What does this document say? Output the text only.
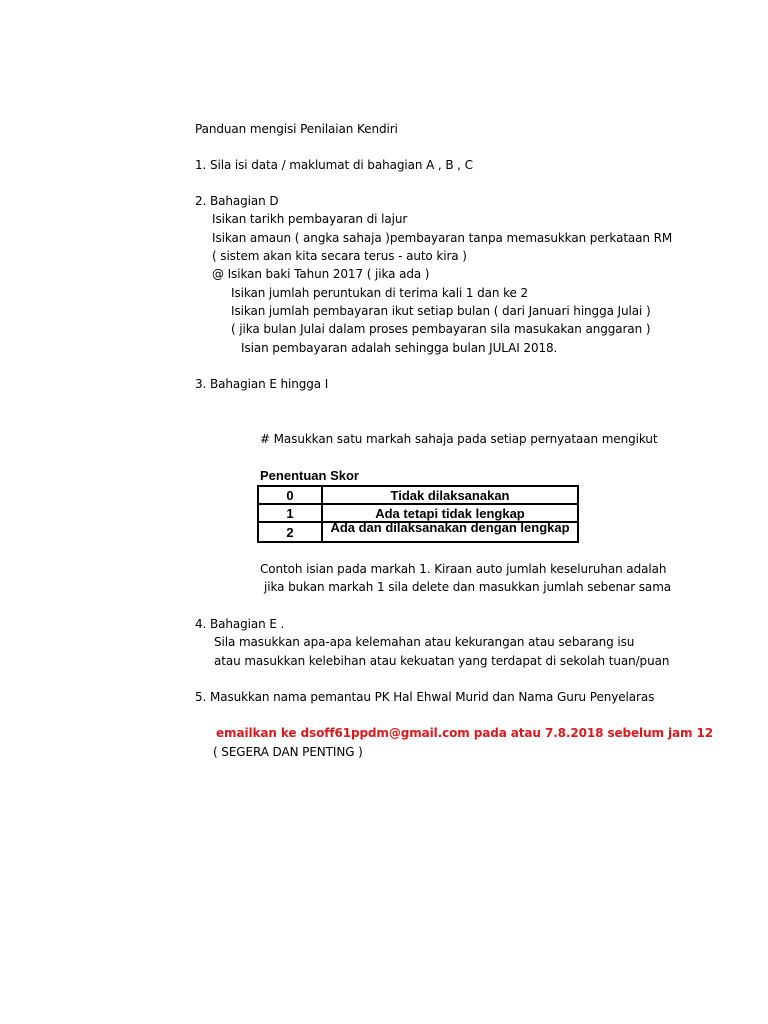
Panduan mengisi Penilaian Kendiri
1. Sila isi data / maklumat di bahagian A , B , C
2. Bahagian D
Isikan tarikh pembayaran di lajur
Isikan amaun ( angka sahaja )pembayaran tanpa memasukkan perkataan RM
( sistem akan kita secara terus - auto kira )
@ Isikan baki Tahun 2017 ( jika ada )
Isikan jumlah peruntukan di terima kali 1 dan ke 2
Isikan jumlah pembayaran ikut setiap bulan ( dari Januari hingga Julai )
( jika bulan Julai dalam proses pembayaran sila masukakan anggaran )
Isian pembayaran adalah sehingga bulan JULAI 2018.
3. Bahagian E hingga I
# Masukkan satu markah sahaja pada setiap pernyataan mengikut
Penentuan Skor
0	Tidak dilaksanakan
1	Ada tetapi tidak lengkap
2	Ada dan dilaksanakan dengan lengkap
Contoh isian pada markah 1. Kiraan auto jumlah keseluruhan adalah
jika bukan markah 1 sila delete dan masukkan jumlah sebenar sama
4. Bahagian E .
Sila masukkan apa-apa kelemahan atau kekurangan atau sebarang isu
atau masukkan kelebihan atau kekuatan yang terdapat di sekolah tuan/puan
5. Masukkan nama pemantau PK Hal Ehwal Murid dan Nama Guru Penyelaras
emailkan ke dsoff61ppdm@gmail.com pada atau 7.8.2018 sebelum jam 12
( SEGERA DAN PENTING )
